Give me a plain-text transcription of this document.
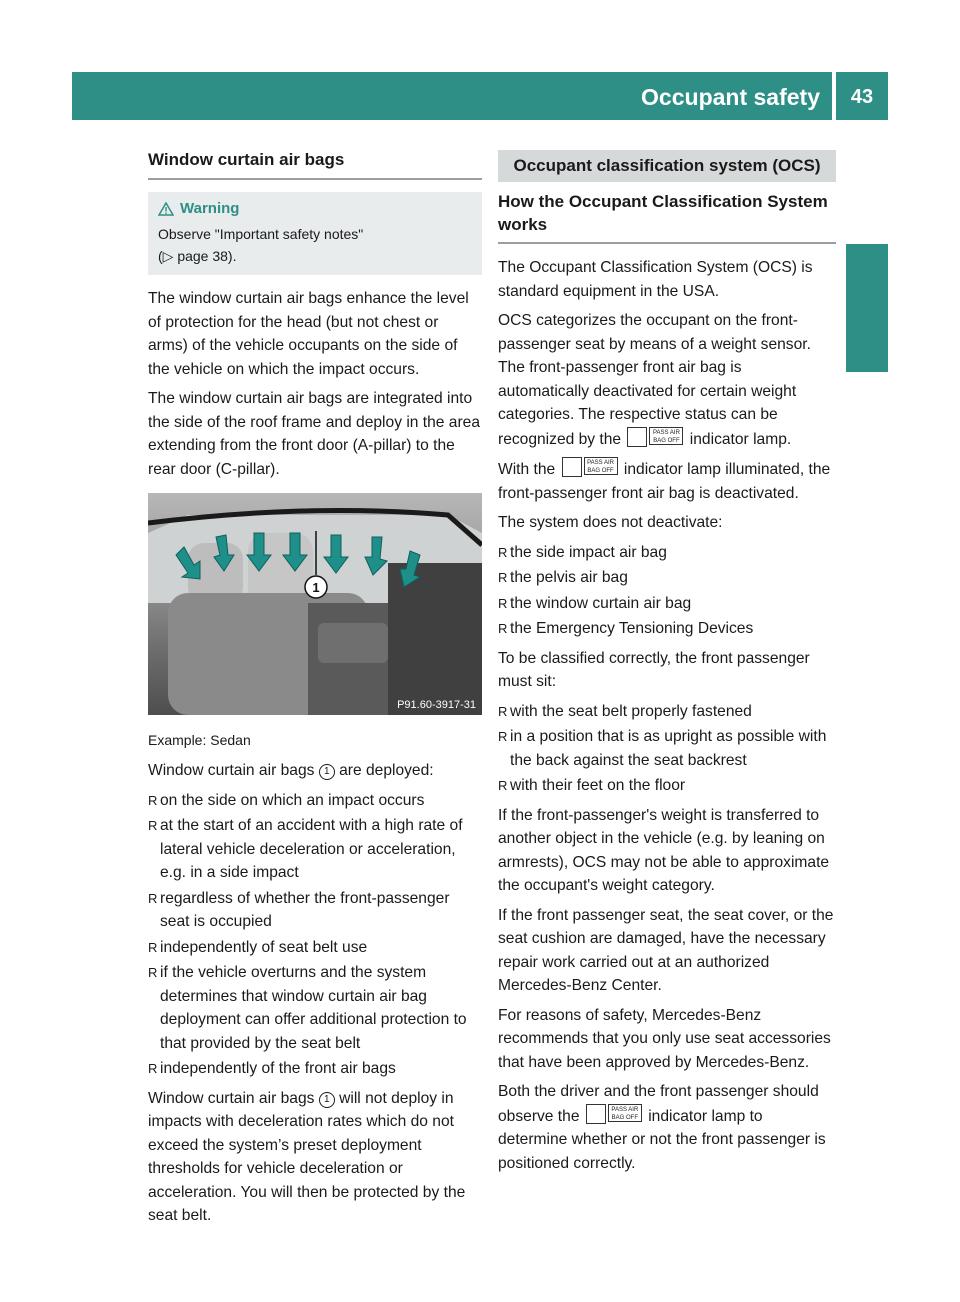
Occupant safety	43
Safety
Window curtain air bags
Warning
Observe "Important safety notes"
(▷ page 38).

The window curtain air bags enhance the level of protection for the head (but not chest or arms) of the vehicle occupants on the side of the vehicle on which the impact occurs.

The window curtain air bags are integrated into the side of the roof frame and deploy in the area extending from the front door (A-pillar) to the rear door (C-pillar).

1
P91.60-3917-31
Example: Sedan

Window curtain air bags 1 are deployed:

R on the side on which an impact occurs
R at the start of an accident with a high rate of lateral vehicle deceleration or acceleration, e.g. in a side impact
R regardless of whether the front-passenger seat is occupied
R independently of seat belt use
R if the vehicle overturns and the system determines that window curtain air bag deployment can offer additional protection to that provided by the seat belt
R independently of the front air bags

Window curtain air bags 1 will not deploy in impacts with deceleration rates which do not exceed the system’s preset deployment thresholds for vehicle deceleration or acceleration. You will then be protected by the seat belt.

Occupant classification system (OCS)
How the Occupant Classification System works

The Occupant Classification System (OCS) is standard equipment in the USA.

OCS categorizes the occupant on the front-passenger seat by means of a weight sensor. The front-passenger front air bag is automatically deactivated for certain weight categories. The respective status can be recognized by the	PASS AIR BAG OFF indicator lamp.

With the	PASS AIR BAG OFF indicator lamp illuminated, the front-passenger front air bag is deactivated.

The system does not deactivate:

R the side impact air bag
R the pelvis air bag
R the window curtain air bag
R the Emergency Tensioning Devices

To be classified correctly, the front passenger must sit:

R with the seat belt properly fastened
R in a position that is as upright as possible with the back against the seat backrest
R with their feet on the floor

If the front-passenger's weight is transferred to another object in the vehicle (e.g. by leaning on armrests), OCS may not be able to approximate the occupant's weight category.

If the front passenger seat, the seat cover, or the seat cushion are damaged, have the necessary repair work carried out at an authorized Mercedes-Benz Center.

For reasons of safety, Mercedes-Benz recommends that you only use seat accessories that have been approved by Mercedes-Benz.

Both the driver and the front passenger should observe the	PASS AIR BAG OFF indicator lamp to determine whether or not the front passenger is positioned correctly.
